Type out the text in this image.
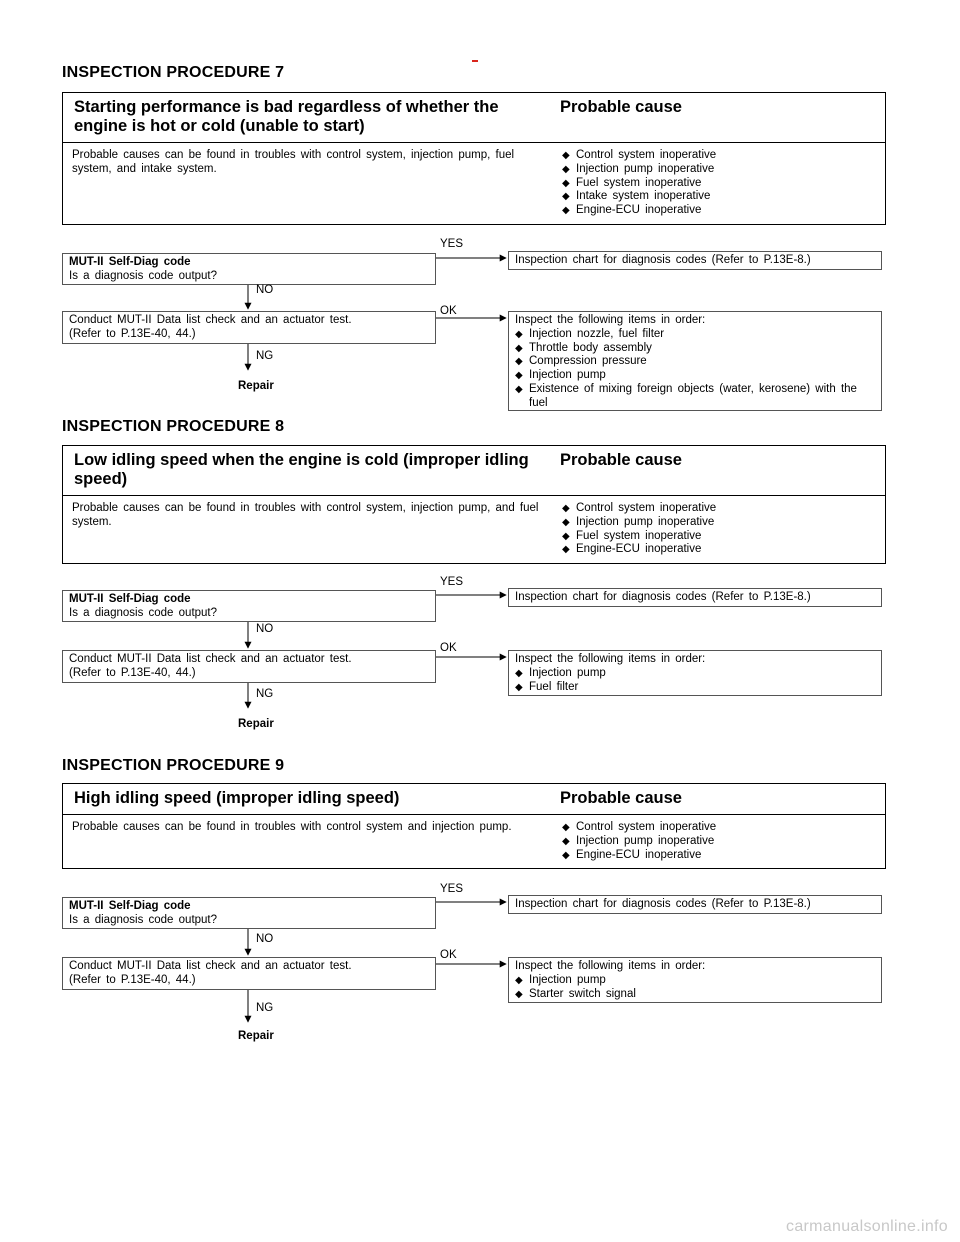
INSPECTION PROCEDURE 7
Starting performance is bad regardless of whether the engine is hot or cold (unable to start)
Probable cause
Probable causes can be found in troubles with control system, injection pump, fuel system, and intake system.
◆ Control system inoperative
◆ Injection pump inoperative
◆ Fuel system inoperative
◆ Intake system inoperative
◆ Engine-ECU inoperative
MUT-II Self-Diag code
Is a diagnosis code output?
YES
Inspection chart for diagnosis codes (Refer to P.13E-8.)
NO
Conduct MUT-II Data list check and an actuator test.
(Refer to P.13E-40, 44.)
OK
Inspect the following items in order:
◆ Injection nozzle, fuel filter
◆ Throttle body assembly
◆ Compression pressure
◆ Injection pump
◆ Existence of mixing foreign objects (water, kerosene) with the fuel
NG
Repair
INSPECTION PROCEDURE 8
Low idling speed when the engine is cold (improper idling speed)
Probable cause
Probable causes can be found in troubles with control system, injection pump, and fuel system.
◆ Control system inoperative
◆ Injection pump inoperative
◆ Fuel system inoperative
◆ Engine-ECU inoperative
MUT-II Self-Diag code
Is a diagnosis code output?
YES
Inspection chart for diagnosis codes (Refer to P.13E-8.)
NO
Conduct MUT-II Data list check and an actuator test.
(Refer to P.13E-40, 44.)
OK
Inspect the following items in order:
◆ Injection pump
◆ Fuel filter
NG
Repair
INSPECTION PROCEDURE 9
High idling speed (improper idling speed)	Probable cause
Probable causes can be found in troubles with control system and injection pump.	◆ Control system inoperative
◆ Injection pump inoperative
◆ Engine-ECU inoperative
MUT-II Self-Diag code
Is a diagnosis code output?
YES
Inspection chart for diagnosis codes (Refer to P.13E-8.)
NO
Conduct MUT-II Data list check and an actuator test.
(Refer to P.13E-40, 44.)
OK
Inspect the following items in order:
◆ Injection pump
◆ Starter switch signal
NG
Repair
carmanualsonline.info
